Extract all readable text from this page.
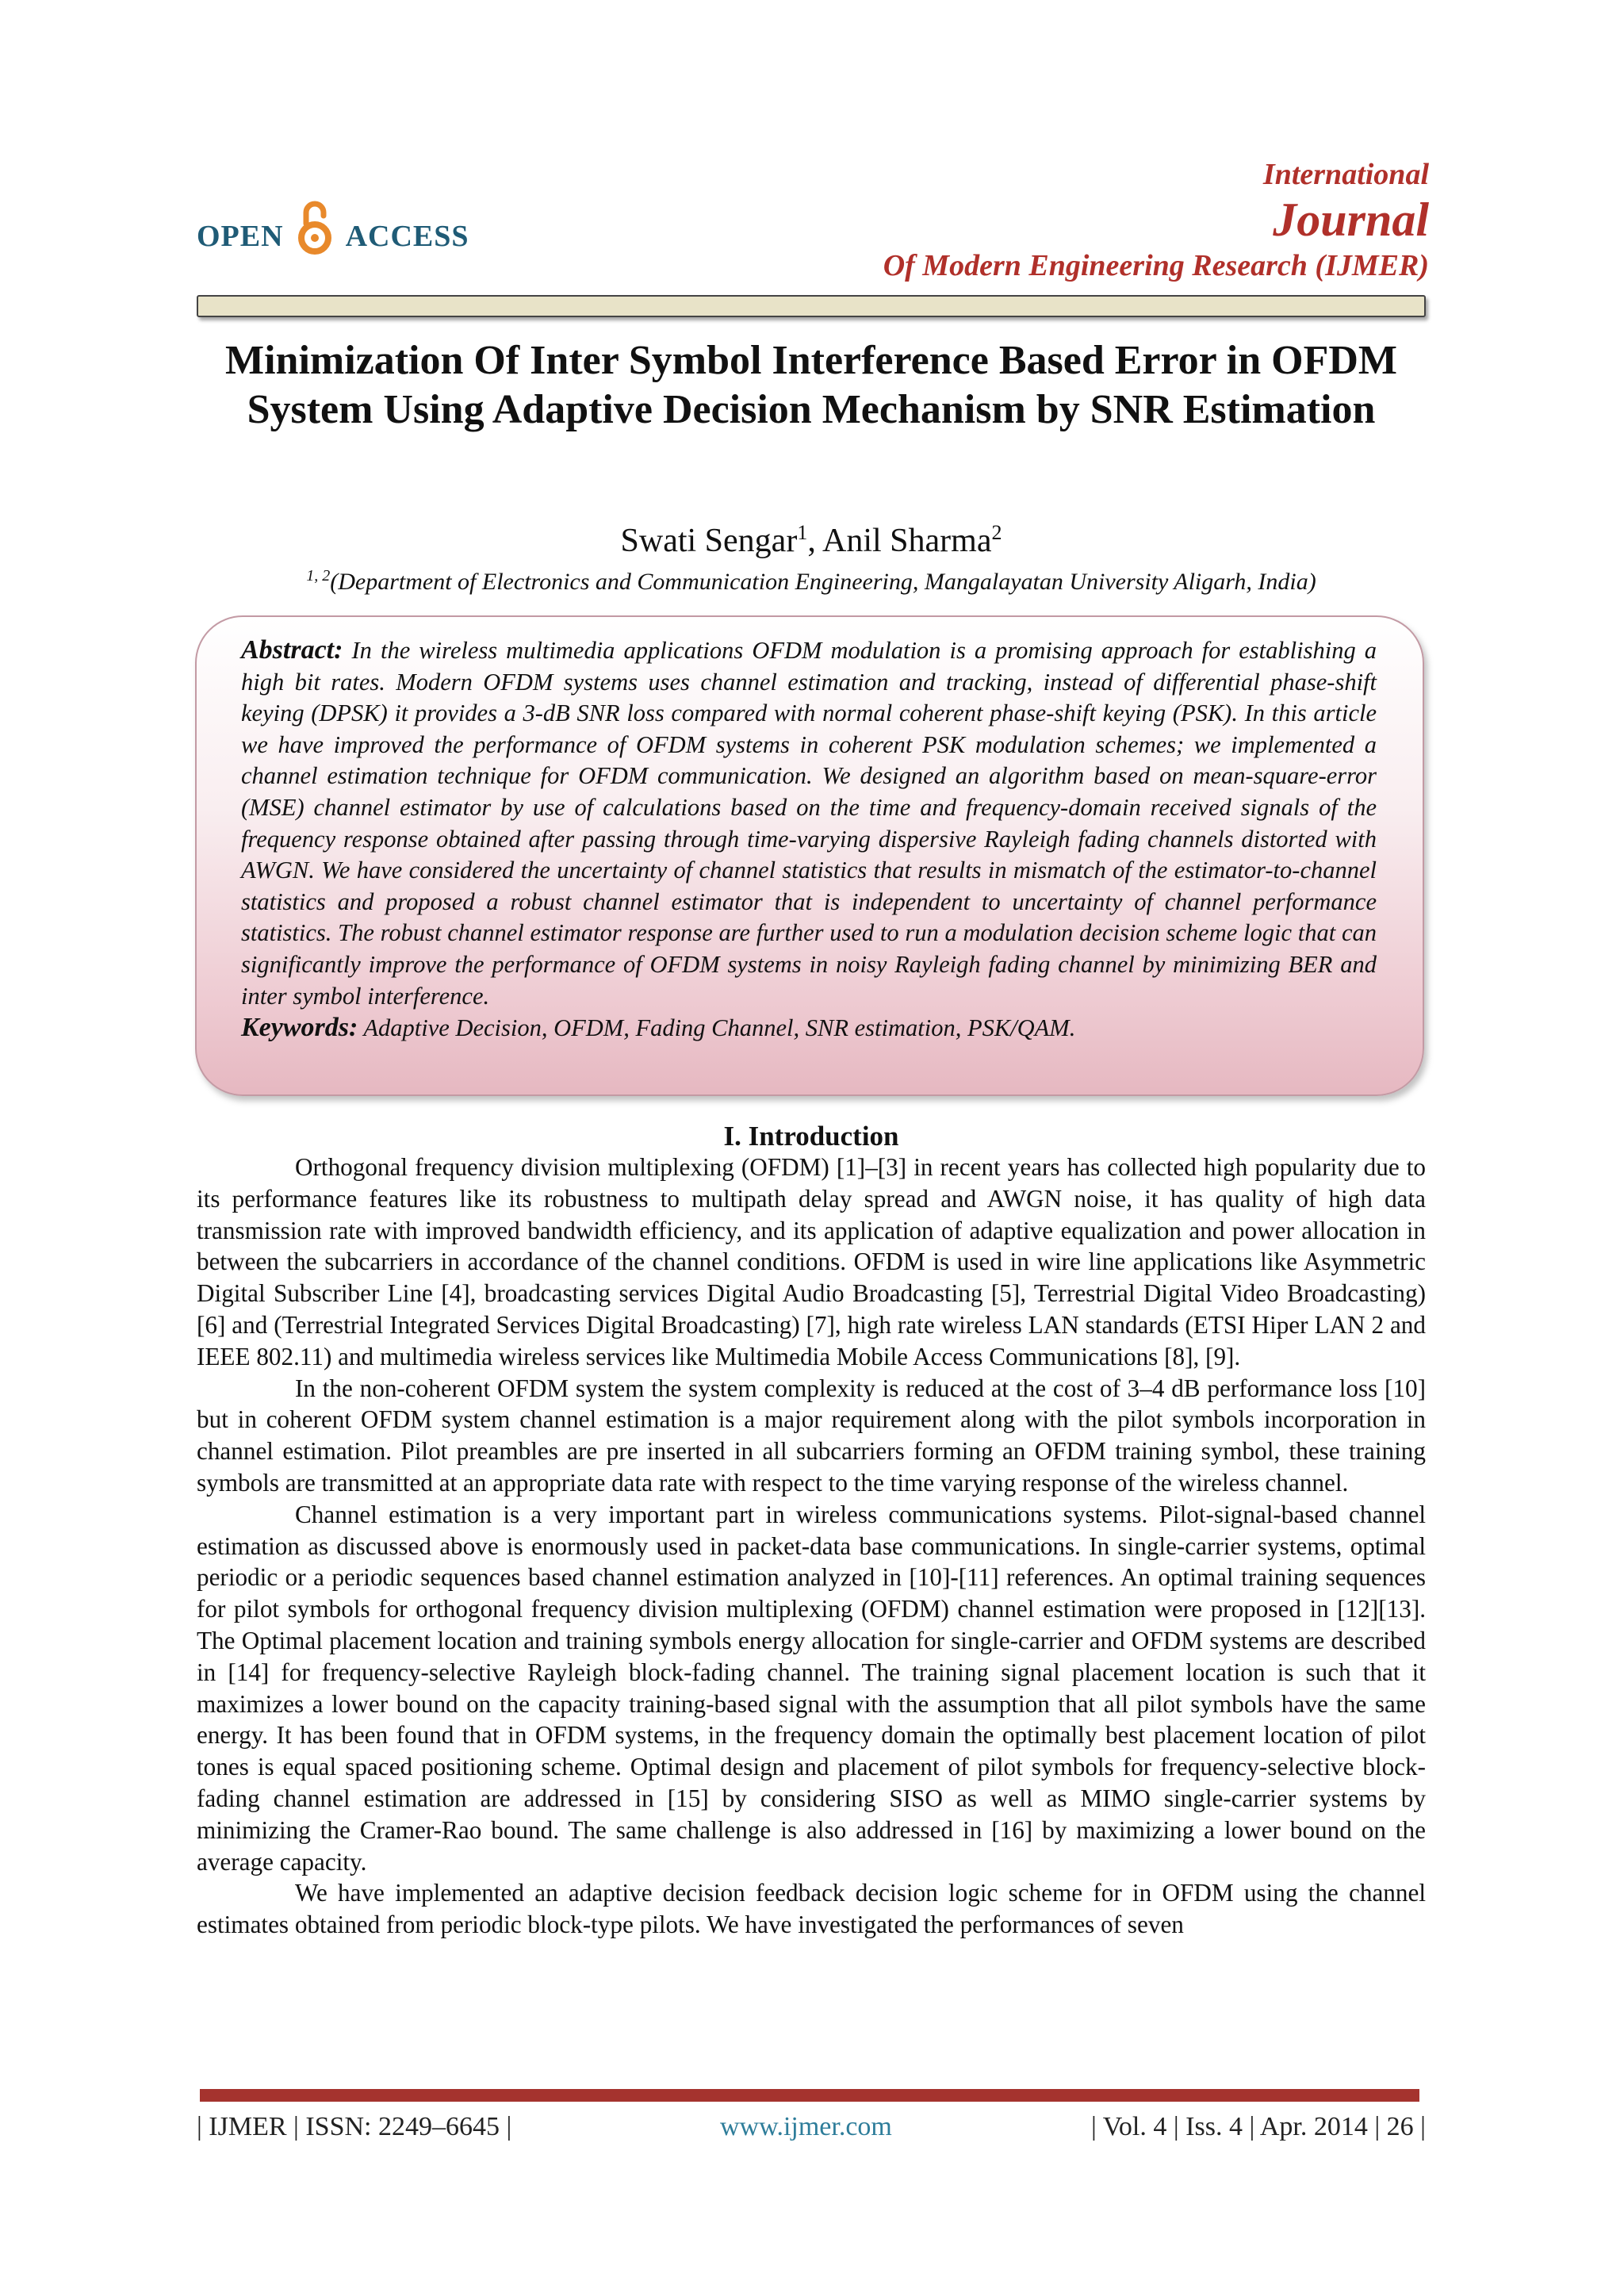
OPEN ACCESS
International
Journal
Of Modern Engineering Research (IJMER)
Minimization Of Inter Symbol Interference Based Error in OFDM System Using Adaptive Decision Mechanism by SNR Estimation
Swati Sengar$^1$, Anil Sharma$^2$
$^{1, 2}$(Department of Electronics and Communication Engineering, Mangalayatan University Aligarh, India)

Abstract: In the wireless multimedia applications OFDM modulation is a promising approach for establishing a high bit rates. Modern OFDM systems uses channel estimation and tracking, instead of differential phase-shift keying (DPSK) it provides a 3-dB SNR loss compared with normal coherent phase-shift keying (PSK). In this article we have improved the performance of OFDM systems in coherent PSK modulation schemes; we implemented a channel estimation technique for OFDM communication. We designed an algorithm based on mean-square-error (MSE) channel estimator by use of calculations based on the time and frequency-domain received signals of the frequency response obtained after passing through time-varying dispersive Rayleigh fading channels distorted with AWGN. We have considered the uncertainty of channel statistics that results in mismatch of the estimator-to-channel statistics and proposed a robust channel estimator that is independent to uncertainty of channel performance statistics. The robust channel estimator response are further used to run a modulation decision scheme logic that can significantly improve the performance of OFDM systems in noisy Rayleigh fading channel by minimizing BER and inter symbol interference.

Keywords: Adaptive Decision, OFDM, Fading Channel, SNR estimation, PSK/QAM.

I. Introduction

Orthogonal frequency division multiplexing (OFDM) [1]–[3] in recent years has collected high popularity due to its performance features like its robustness to multipath delay spread and AWGN noise, it has quality of high data transmission rate with improved bandwidth efficiency, and its application of adaptive equalization and power allocation in between the subcarriers in accordance of the channel conditions. OFDM is used in wire line applications like Asymmetric Digital Subscriber Line [4], broadcasting services Digital Audio Broadcasting [5], Terrestrial Digital Video Broadcasting) [6] and (Terrestrial Integrated Services Digital Broadcasting) [7], high rate wireless LAN standards (ETSI Hiper LAN 2 and IEEE 802.11) and multimedia wireless services like Multimedia Mobile Access Communications [8], [9].

In the non-coherent OFDM system the system complexity is reduced at the cost of 3–4 dB performance loss [10] but in coherent OFDM system channel estimation is a major requirement along with the pilot symbols incorporation in channel estimation. Pilot preambles are pre inserted in all subcarriers forming an OFDM training symbol, these training symbols are transmitted at an appropriate data rate with respect to the time varying response of the wireless channel.

Channel estimation is a very important part in wireless communications systems. Pilot-signal-based channel estimation as discussed above is enormously used in packet-data base communications. In single-carrier systems, optimal periodic or a periodic sequences based channel estimation analyzed in [10]-[11] references. An optimal training sequences for pilot symbols for orthogonal frequency division multiplexing (OFDM) channel estimation were proposed in [12][13]. The Optimal placement location and training symbols energy allocation for single-carrier and OFDM systems are described in [14] for frequency-selective Rayleigh block-fading channel. The training signal placement location is such that it maximizes a lower bound on the capacity training-based signal with the assumption that all pilot symbols have the same energy. It has been found that in OFDM systems, in the frequency domain the optimally best placement location of pilot tones is equal spaced positioning scheme. Optimal design and placement of pilot symbols for frequency-selective block-fading channel estimation are addressed in [15] by considering SISO as well as MIMO single-carrier systems by minimizing the Cramer-Rao bound. The same challenge is also addressed in [16] by maximizing a lower bound on the average capacity.

We have implemented an adaptive decision feedback decision logic scheme for in OFDM using the channel estimates obtained from periodic block-type pilots. We have investigated the performances of seven

| IJMER | ISSN: 2249–6645 |	www.ijmer.com	| Vol. 4 | Iss. 4 | Apr. 2014 | 26 |
